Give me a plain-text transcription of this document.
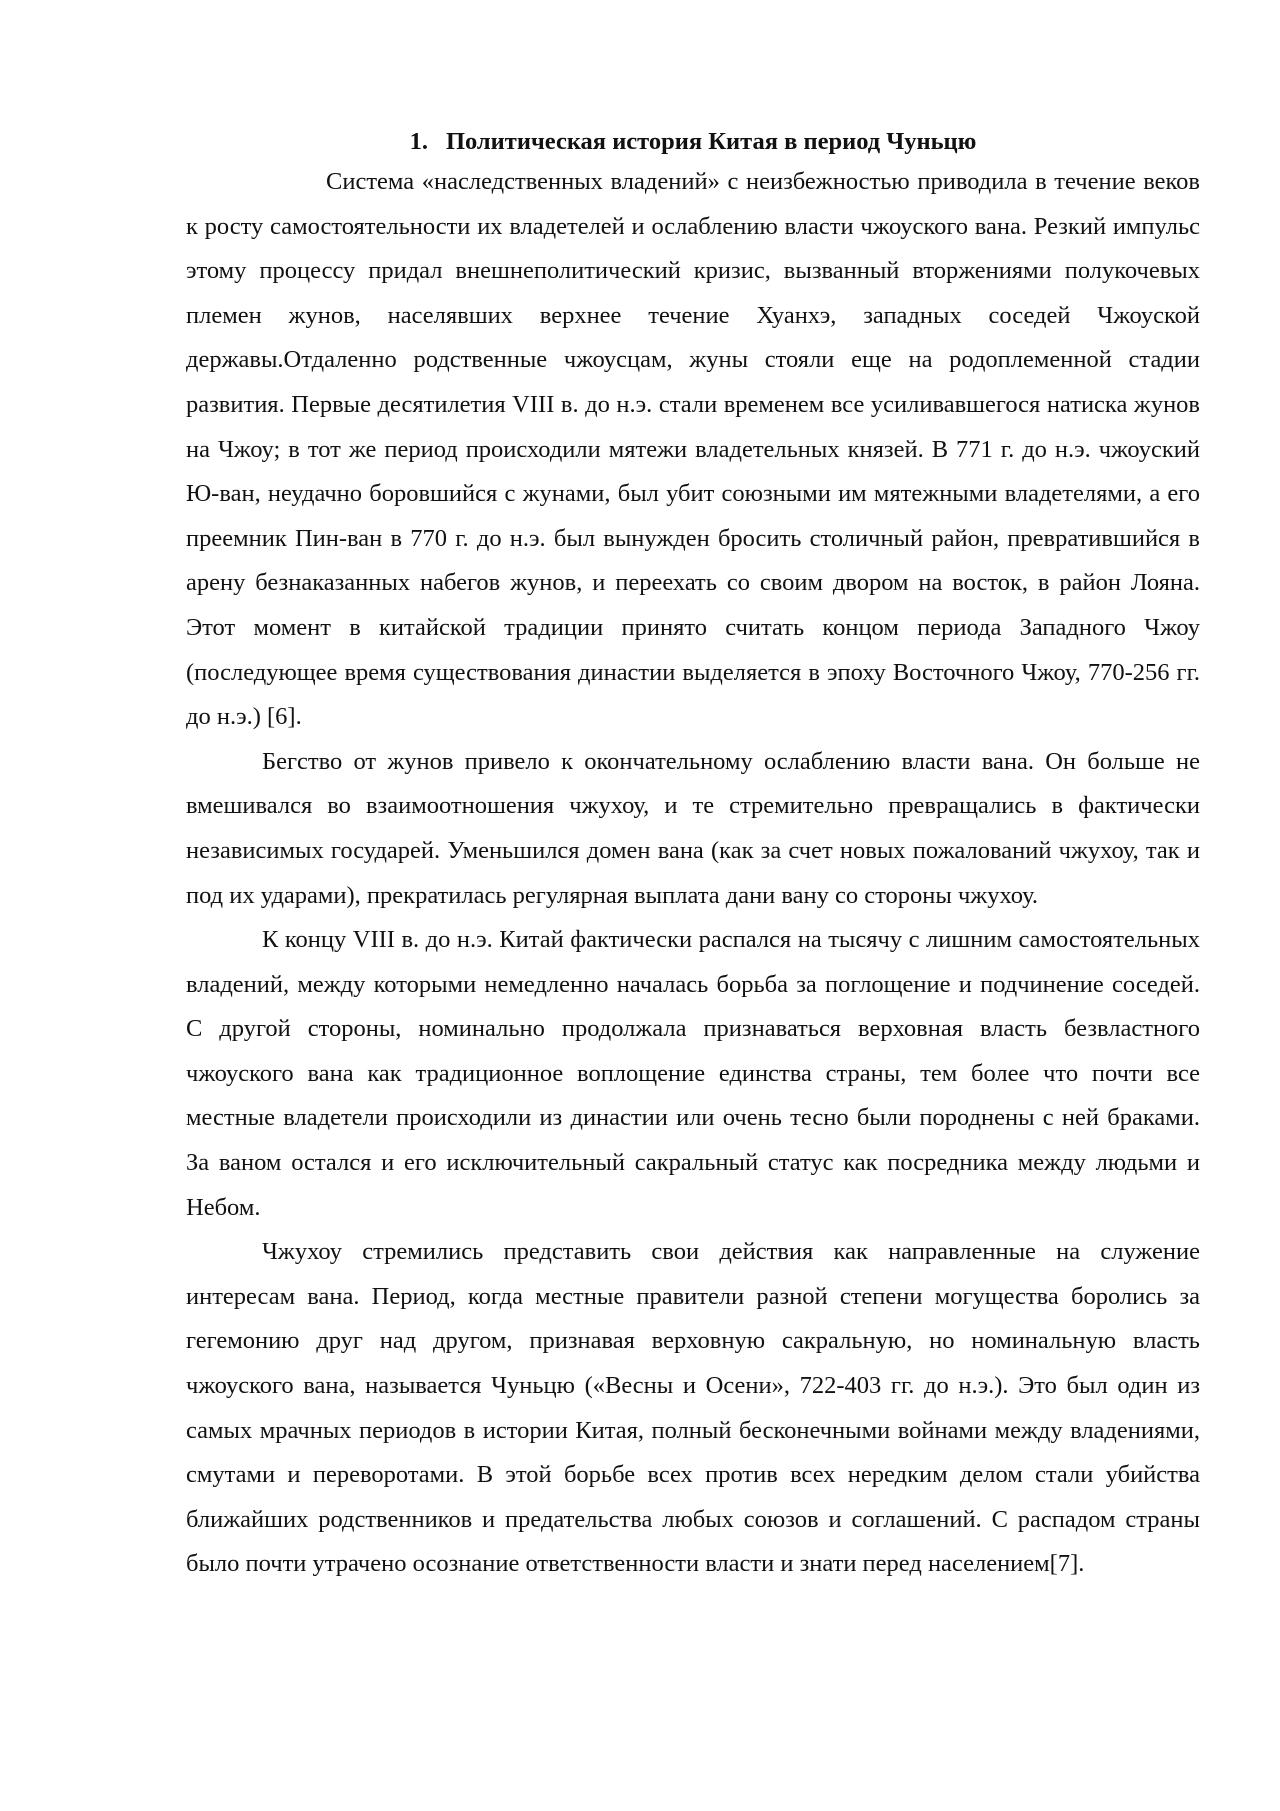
1. Политическая история Китая в период Чуньцю

Система «наследственных владений» с неизбежностью приводила в течение веков к росту самостоятельности их владетелей и ослаблению власти чжоуского вана. Резкий импульс этому процессу придал внешнеполитический кризис, вызванный вторжениями полукочевых племен жунов, населявших верхнее течение Хуанхэ, западных соседей Чжоуской державы.Отдаленно родственные чжоусцам, жуны стояли еще на родоплеменной стадии развития. Первые десятилетия VIII в. до н.э. стали временем все усиливавшегося натиска жунов на Чжоу; в тот же период происходили мятежи владетельных князей. В 771 г. до н.э. чжоуский Ю-ван, неудачно боровшийся с жунами, был убит союзными им мятежными владетелями, а его преемник Пин-ван в 770 г. до н.э. был вынужден бросить столичный район, превратившийся в арену безнаказанных набегов жунов, и переехать со своим двором на восток, в район Лояна. Этот момент в китайской традиции принято считать концом периода Западного Чжоу (последующее время существования династии выделяется в эпоху Восточного Чжоу, 770-256 гг. до н.э.) [6].

Бегство от жунов привело к окончательному ослаблению власти вана. Он больше не вмешивался во взаимоотношения чжухоу, и те стремительно превращались в фактически независимых государей. Уменьшился домен вана (как за счет новых пожалований чжухоу, так и под их ударами), прекратилась регулярная выплата дани вану со стороны чжухоу.

К концу VIII в. до н.э. Китай фактически распался на тысячу с лишним самостоятельных владений, между которыми немедленно началась борьба за поглощение и подчинение соседей. С другой стороны, номинально продолжала признаваться верховная власть безвластного чжоуского вана как традиционное воплощение единства страны, тем более что почти все местные владетели происходили из династии или очень тесно были породнены с ней браками. За ваном остался и его исключительный сакральный статус как посредника между людьми и Небом.

Чжухоу стремились представить свои действия как направленные на служение интересам вана. Период, когда местные правители разной степени могущества боролись за гегемонию друг над другом, признавая верховную сакральную, но номинальную власть чжоуского вана, называется Чуньцю («Весны и Осени», 722-403 гг. до н.э.). Это был один из самых мрачных периодов в истории Китая, полный бесконечными войнами между владениями, смутами и переворотами. В этой борьбе всех против всех нередким делом стали убийства ближайших родственников и предательства любых союзов и соглашений. С распадом страны было почти утрачено осознание ответственности власти и знати перед населением[7].
